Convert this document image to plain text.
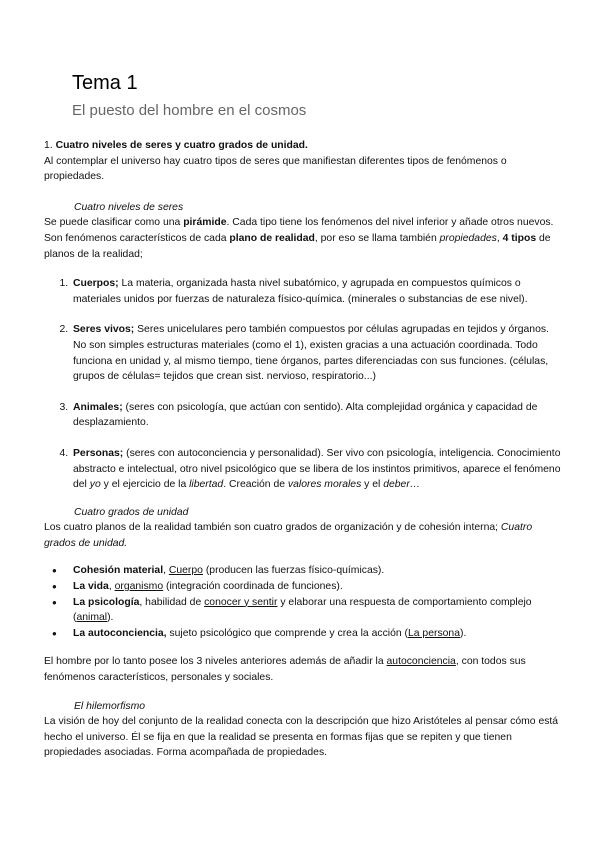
Tema 1
El puesto del hombre en el cosmos

1. Cuatro niveles de seres y cuatro grados de unidad.

Al contemplar el universo hay cuatro tipos de seres que manifiestan diferentes tipos de fenómenos o propiedades.

Cuatro niveles de seres

Se puede clasificar como una pirámide. Cada tipo tiene los fenómenos del nivel inferior y añade otros nuevos. Son fenómenos característicos de cada plano de realidad, por eso se llama también propiedades, 4 tipos de planos de la realidad;

1. Cuerpos; La materia, organizada hasta nivel subatómico, y agrupada en compuestos químicos o materiales unidos por fuerzas de naturaleza físico-química. (minerales o substancias de ese nivel).
2. Seres vivos; Seres unicelulares pero también compuestos por células agrupadas en tejidos y órganos. No son simples estructuras materiales (como el 1), existen gracias a una actuación coordinada. Todo funciona en unidad y, al mismo tiempo, tiene órganos, partes diferenciadas con sus funciones. (células, grupos de células= tejidos que crean sist. nervioso, respiratorio...)
3. Animales; (seres con psicología, que actúan con sentido). Alta complejidad orgánica y capacidad de desplazamiento.
4. Personas; (seres con autoconciencia y personalidad). Ser vivo con psicología, inteligencia. Conocimiento abstracto e intelectual, otro nivel psicológico que se libera de los instintos primitivos, aparece el fenómeno del yo y el ejercicio de la libertad. Creación de valores morales y el deber…

Cuatro grados de unidad

Los cuatro planos de la realidad también son cuatro grados de organización y de cohesión interna; Cuatro grados de unidad.

● Cohesión material, Cuerpo (producen las fuerzas físico-químicas).
● La vida, organismo (integración coordinada de funciones).
● La psicología, habilidad de conocer y sentir y elaborar una respuesta de comportamiento complejo (animal).
● La autoconciencia, sujeto psicológico que comprende y crea la acción (La persona).

El hombre por lo tanto posee los 3 niveles anteriores además de añadir la autoconciencia, con todos sus fenómenos característicos, personales y sociales.

El hilemorfismo

La visión de hoy del conjunto de la realidad conecta con la descripción que hizo Aristóteles al pensar cómo está hecho el universo. Él se fija en que la realidad se presenta en formas fijas que se repiten y que tienen propiedades asociadas. Forma acompañada de propiedades.
